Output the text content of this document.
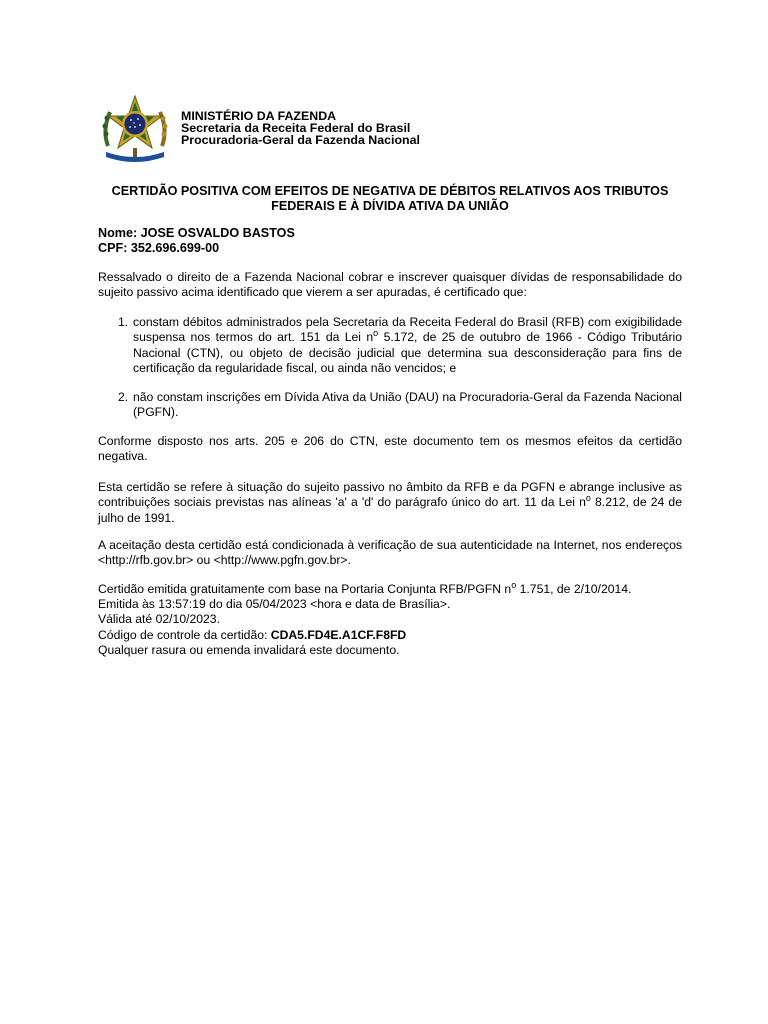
MINISTÉRIO DA FAZENDA
Secretaria da Receita Federal do Brasil
Procuradoria-Geral da Fazenda Nacional
CERTIDÃO POSITIVA COM EFEITOS DE NEGATIVA DE DÉBITOS RELATIVOS AOS TRIBUTOS FEDERAIS E À DÍVIDA ATIVA DA UNIÃO
Nome: JOSE OSVALDO BASTOS
CPF: 352.696.699-00
Ressalvado o direito de a Fazenda Nacional cobrar e inscrever quaisquer dívidas de responsabilidade do sujeito passivo acima identificado que vierem a ser apuradas, é certificado que:
1. constam débitos administrados pela Secretaria da Receita Federal do Brasil (RFB) com exigibilidade suspensa nos termos do art. 151 da Lei $n^o$ 5.172, de 25 de outubro de 1966 - Código Tributário Nacional (CTN), ou objeto de decisão judicial que determina sua desconsideração para fins de certificação da regularidade fiscal, ou ainda não vencidos; e
2. não constam inscrições em Dívida Ativa da União (DAU) na Procuradoria-Geral da Fazenda Nacional (PGFN).
Conforme disposto nos arts. 205 e 206 do CTN, este documento tem os mesmos efeitos da certidão negativa.
Esta certidão se refere à situação do sujeito passivo no âmbito da RFB e da PGFN e abrange inclusive as contribuições sociais previstas nas alíneas 'a' a 'd' do parágrafo único do art. 11 da Lei $n^o$ 8.212, de 24 de julho de 1991.
A aceitação desta certidão está condicionada à verificação de sua autenticidade na Internet, nos endereços <http://rfb.gov.br> ou <http://www.pgfn.gov.br>.
Certidão emitida gratuitamente com base na Portaria Conjunta RFB/PGFN $n^o$ 1.751, de 2/10/2014.
Emitida às 13:57:19 do dia 05/04/2023 <hora e data de Brasília>.
Válida até 02/10/2023.
Código de controle da certidão: CDA5.FD4E.A1CF.F8FD
Qualquer rasura ou emenda invalidará este documento.
